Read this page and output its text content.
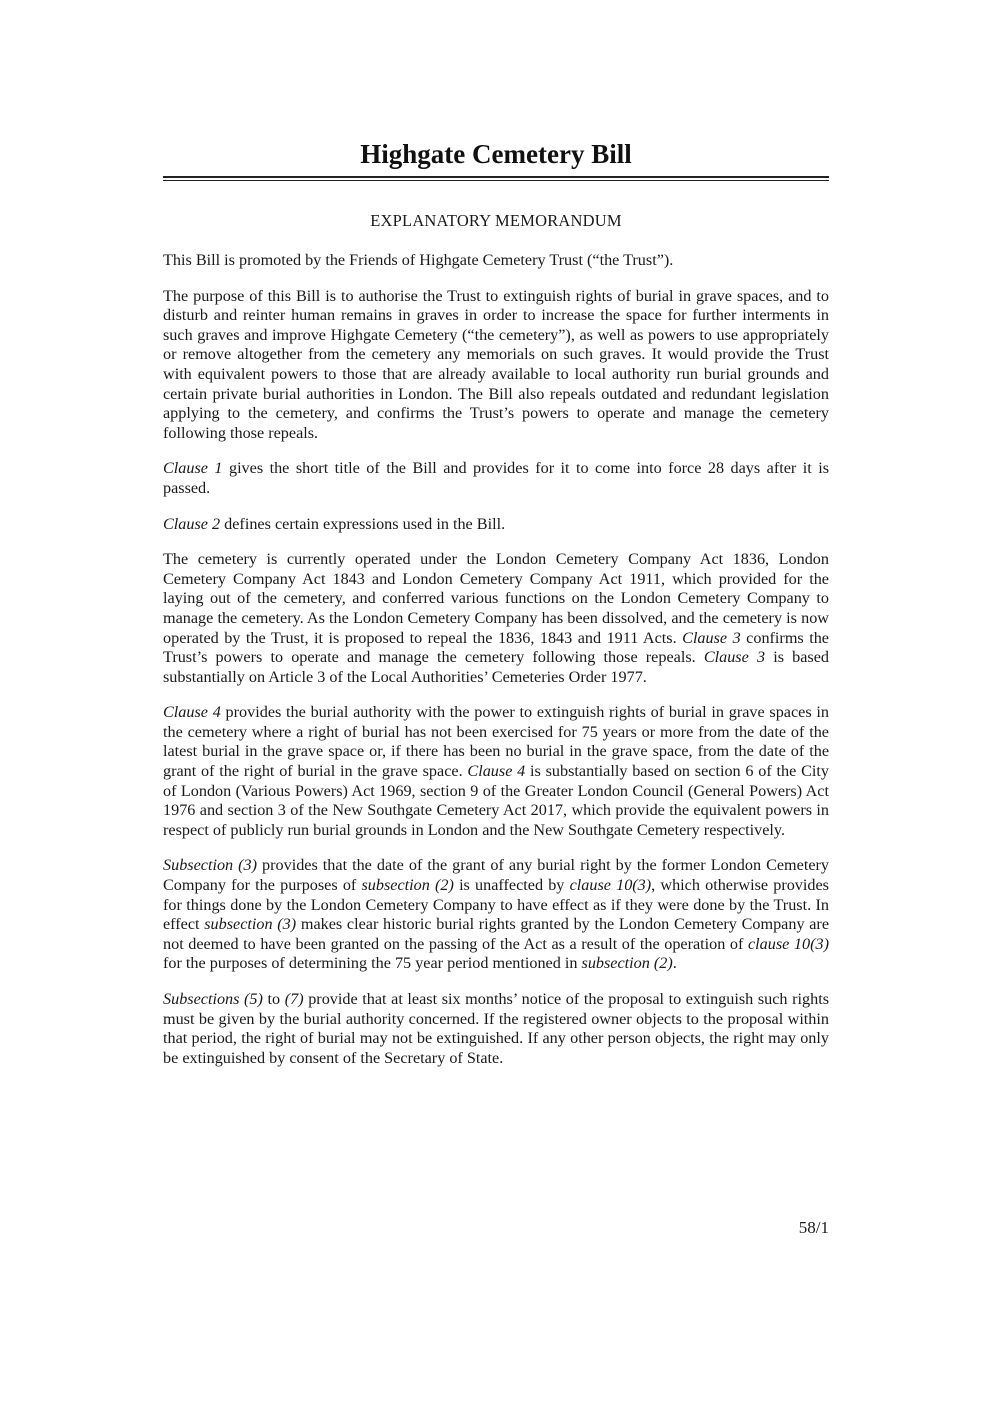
Highgate Cemetery Bill

EXPLANATORY MEMORANDUM

This Bill is promoted by the Friends of Highgate Cemetery Trust (“the Trust”).

The purpose of this Bill is to authorise the Trust to extinguish rights of burial in grave spaces, and to disturb and reinter human remains in graves in order to increase the space for further interments in such graves and improve Highgate Cemetery (“the cemetery”), as well as powers to use appropriately or remove altogether from the cemetery any memorials on such graves. It would provide the Trust with equivalent powers to those that are already available to local authority run burial grounds and certain private burial authorities in London. The Bill also repeals outdated and redundant legislation applying to the cemetery, and confirms the Trust’s powers to operate and manage the cemetery following those repeals.

Clause 1 gives the short title of the Bill and provides for it to come into force 28 days after it is passed.

Clause 2 defines certain expressions used in the Bill.

The cemetery is currently operated under the London Cemetery Company Act 1836, London Cemetery Company Act 1843 and London Cemetery Company Act 1911, which provided for the laying out of the cemetery, and conferred various functions on the London Cemetery Company to manage the cemetery. As the London Cemetery Company has been dissolved, and the cemetery is now operated by the Trust, it is proposed to repeal the 1836, 1843 and 1911 Acts. Clause 3 confirms the Trust’s powers to operate and manage the cemetery following those repeals. Clause 3 is based substantially on Article 3 of the Local Authorities’ Cemeteries Order 1977.

Clause 4 provides the burial authority with the power to extinguish rights of burial in grave spaces in the cemetery where a right of burial has not been exercised for 75 years or more from the date of the latest burial in the grave space or, if there has been no burial in the grave space, from the date of the grant of the right of burial in the grave space. Clause 4 is substantially based on section 6 of the City of London (Various Powers) Act 1969, section 9 of the Greater London Council (General Powers) Act 1976 and section 3 of the New Southgate Cemetery Act 2017, which provide the equivalent powers in respect of publicly run burial grounds in London and the New Southgate Cemetery respectively.

Subsection (3) provides that the date of the grant of any burial right by the former London Cemetery Company for the purposes of subsection (2) is unaffected by clause 10(3), which otherwise provides for things done by the London Cemetery Company to have effect as if they were done by the Trust. In effect subsection (3) makes clear historic burial rights granted by the London Cemetery Company are not deemed to have been granted on the passing of the Act as a result of the operation of clause 10(3) for the purposes of determining the 75 year period mentioned in subsection (2).

Subsections (5) to (7) provide that at least six months’ notice of the proposal to extinguish such rights must be given by the burial authority concerned. If the registered owner objects to the proposal within that period, the right of burial may not be extinguished. If any other person objects, the right may only be extinguished by consent of the Secretary of State.

58/1
